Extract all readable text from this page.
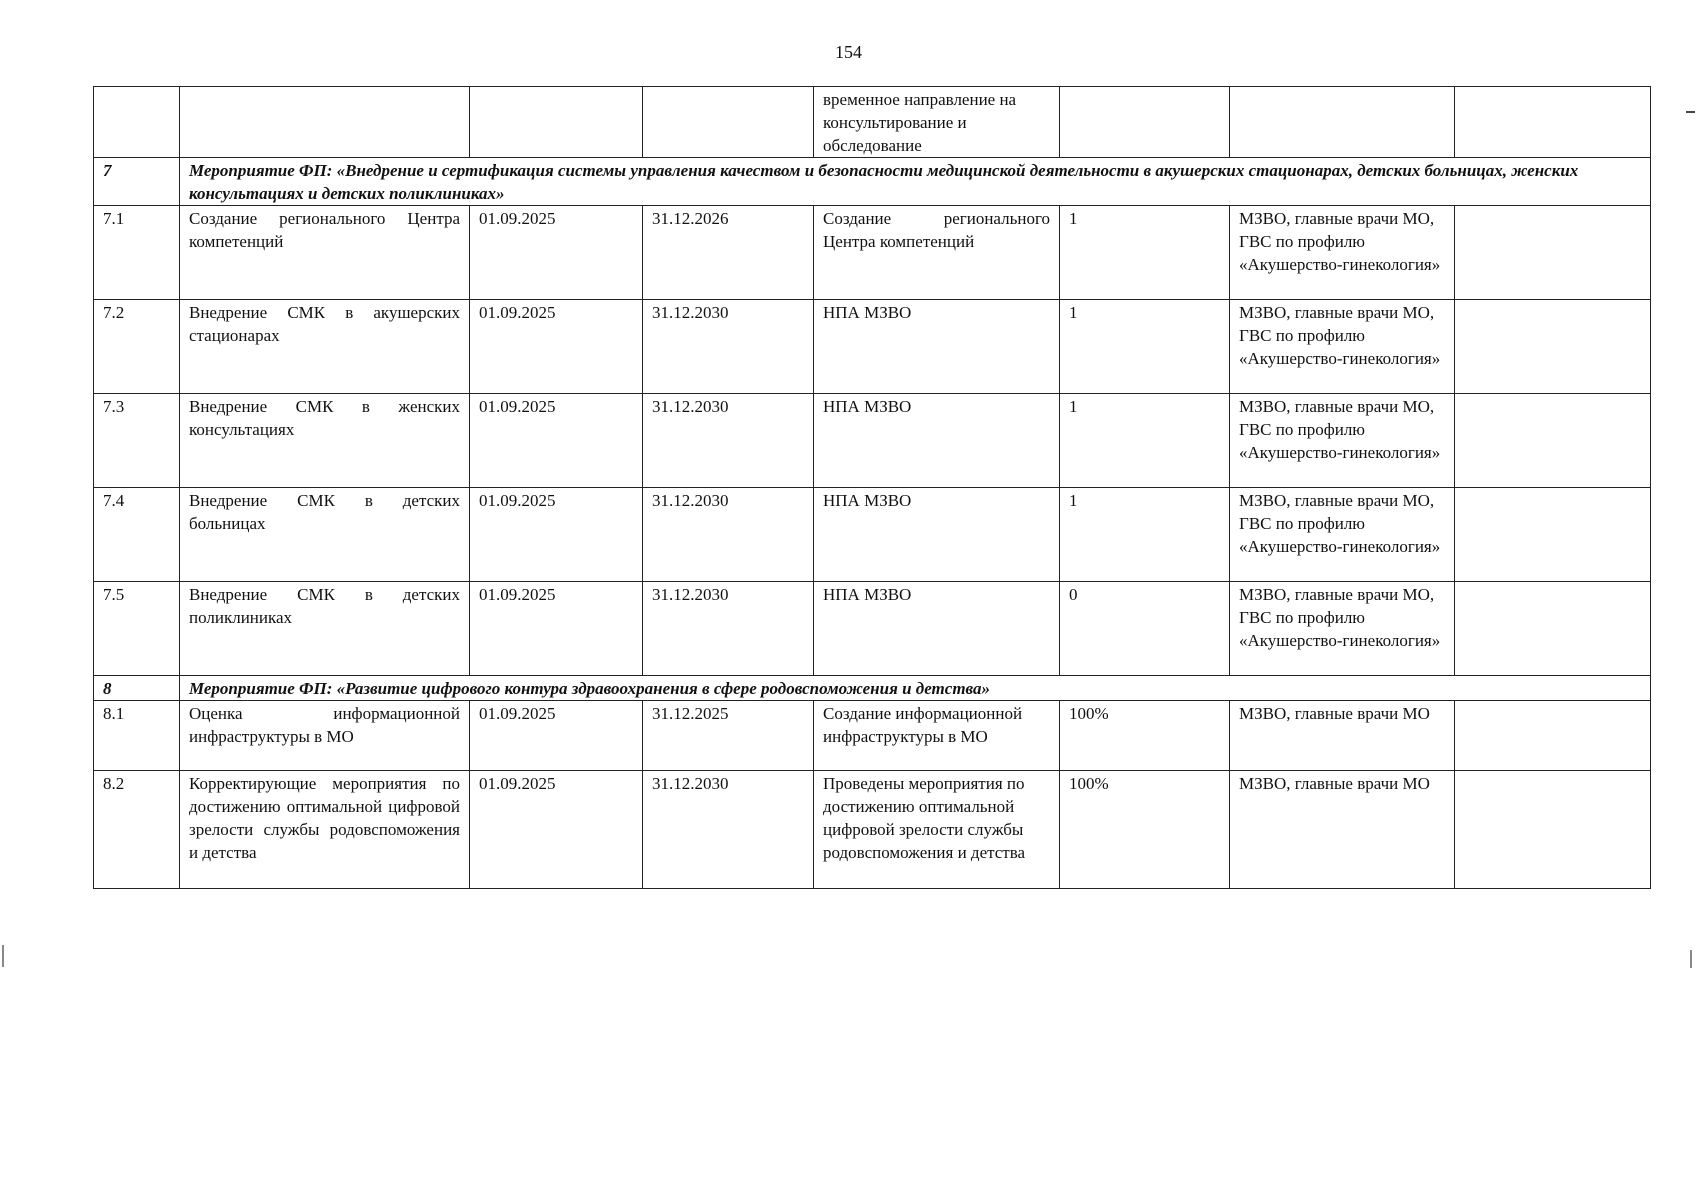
154
				временное направление на консультирование и обследование			
7	Мероприятие ФП: «Внедрение и сертификация системы управления качеством и безопасности медицинской деятельности в акушерских стационарах, детских больницах, женских консультациях и детских поликлиниках»						
7.1	Создание регионального Центра компетенций	01.09.2025	31.12.2026	Создание регионального Центра компетенций	1	МЗВО, главные врачи МО, ГВС по профилю «Акушерство-гинекология»	
7.2	Внедрение СМК в акушерских стационарах	01.09.2025	31.12.2030	НПА МЗВО	1	МЗВО, главные врачи МО, ГВС по профилю «Акушерство-гинекология»	
7.3	Внедрение СМК в женских консультациях	01.09.2025	31.12.2030	НПА МЗВО	1	МЗВО, главные врачи МО, ГВС по профилю «Акушерство-гинекология»	
7.4	Внедрение СМК в детских больницах	01.09.2025	31.12.2030	НПА МЗВО	1	МЗВО, главные врачи МО, ГВС по профилю «Акушерство-гинекология»	
7.5	Внедрение СМК в детских поликлиниках	01.09.2025	31.12.2030	НПА МЗВО	0	МЗВО, главные врачи МО, ГВС по профилю «Акушерство-гинекология»	
8	Мероприятие ФП: «Развитие цифрового контура здравоохранения в сфере родовспоможения и детства»						
8.1	Оценка информационной инфраструктуры в МО	01.09.2025	31.12.2025	Создание информационной инфраструктуры в МО	100%	МЗВО, главные врачи МО	
8.2	Корректирующие мероприятия по достижению оптимальной цифровой зрелости службы родовспоможения и детства	01.09.2025	31.12.2030	Проведены мероприятия по достижению оптимальной цифровой зрелости службы родовспоможения и детства	100%	МЗВО, главные врачи МО	
